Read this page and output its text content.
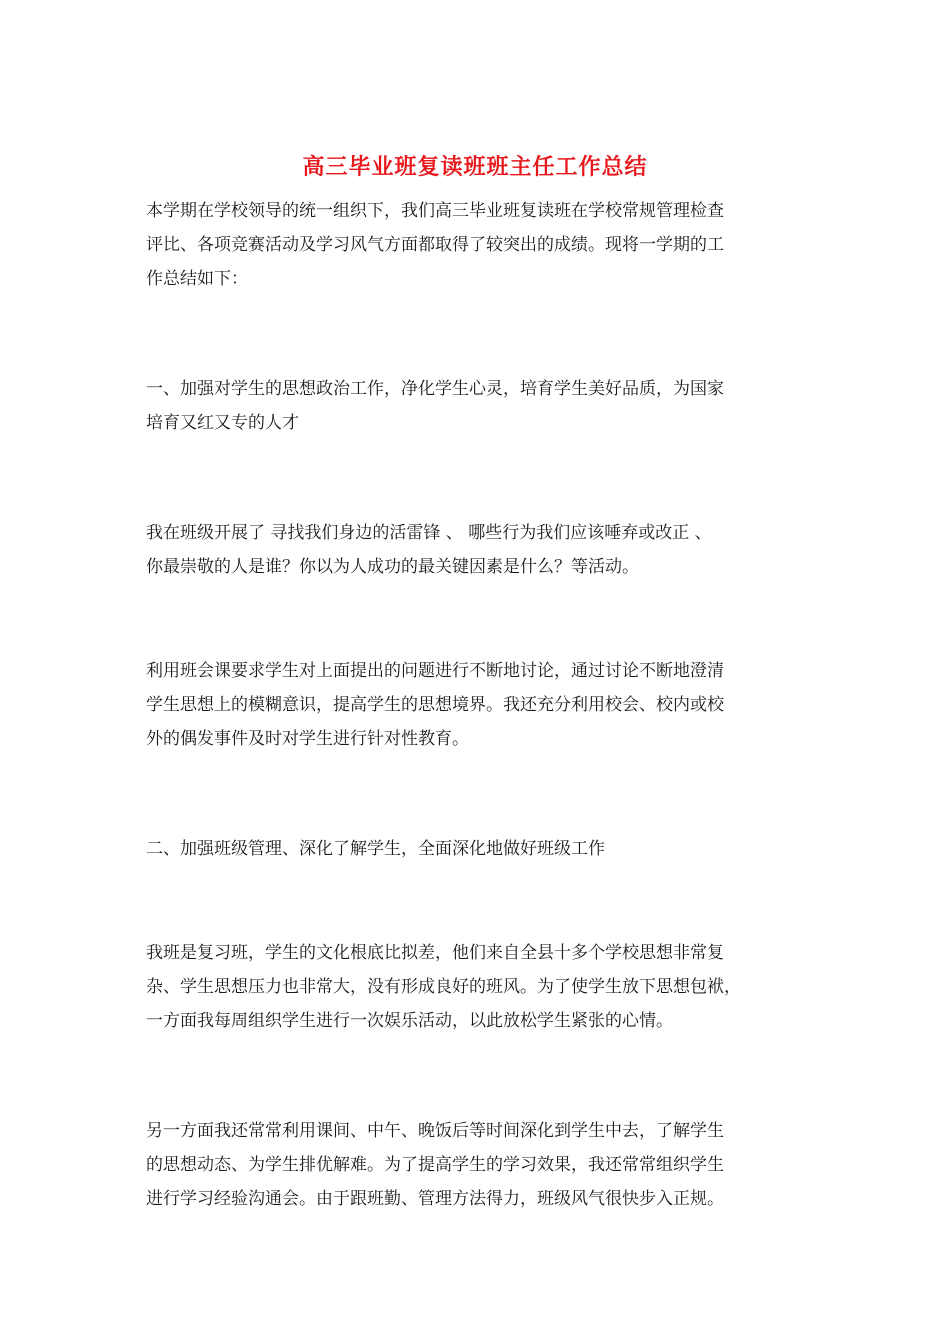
高三毕业班复读班班主任工作总结
本学期在学校领导的统一组织下，我们高三毕业班复读班在学校常规管理检查
评比、各项竞赛活动及学习风气方面都取得了较突出的成绩。现将一学期的工
作总结如下：
一、加强对学生的思想政治工作，净化学生心灵，培育学生美好品质，为国家
培育又红又专的人才
我在班级开展了 寻找我们身边的活雷锋 、 哪些行为我们应该唾弃或改正 、
你最崇敬的人是谁？你以为人成功的最关键因素是什么？等活动。
利用班会课要求学生对上面提出的问题进行不断地讨论，通过讨论不断地澄清
学生思想上的模糊意识，提高学生的思想境界。我还充分利用校会、校内或校
外的偶发事件及时对学生进行针对性教育。
二、加强班级管理、深化了解学生，全面深化地做好班级工作
我班是复习班，学生的文化根底比拟差，他们来自全县十多个学校思想非常复
杂、学生思想压力也非常大，没有形成良好的班风。为了使学生放下思想包袱，
一方面我每周组织学生进行一次娱乐活动，以此放松学生紧张的心情。
另一方面我还常常利用课间、中午、晚饭后等时间深化到学生中去，了解学生
的思想动态、为学生排优解难。为了提高学生的学习效果，我还常常组织学生
进行学习经验沟通会。由于跟班勤、管理方法得力，班级风气很快步入正规。
